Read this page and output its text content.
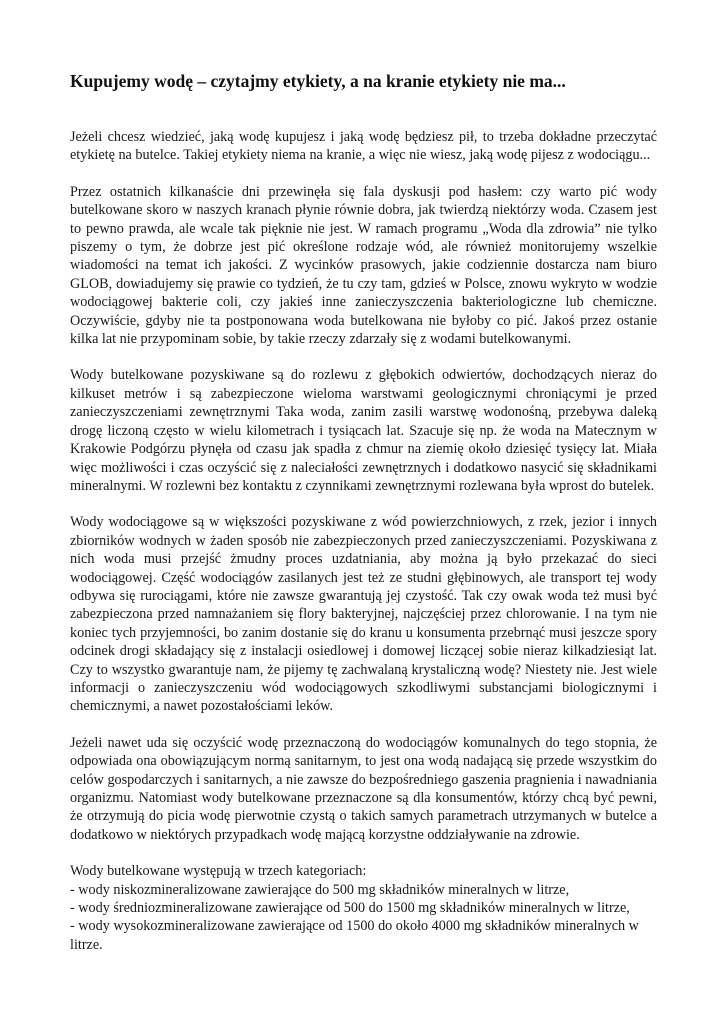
Kupujemy wodę – czytajmy etykiety, a na kranie etykiety nie ma...

Jeżeli chcesz wiedzieć, jaką wodę kupujesz i jaką wodę będziesz pił, to trzeba dokładne przeczytać etykietę na butelce. Takiej etykiety niema na kranie, a więc nie wiesz, jaką wodę pijesz z wodociągu...

Przez ostatnich kilkanaście dni przewinęła się fala dyskusji pod hasłem: czy warto pić wody butelkowane skoro w naszych kranach płynie równie dobra, jak twierdzą niektórzy woda. Czasem jest to pewno prawda, ale wcale tak pięknie nie jest. W ramach programu „Woda dla zdrowia” nie tylko piszemy o tym, że dobrze jest pić określone rodzaje wód, ale również monitorujemy wszelkie wiadomości na temat ich jakości. Z wycinków prasowych, jakie codziennie dostarcza nam biuro GLOB, dowiadujemy się prawie co tydzień, że tu czy tam, gdzieś w Polsce, znowu wykryto w wodzie wodociągowej bakterie coli, czy jakieś inne zanieczyszczenia bakteriologiczne lub chemiczne. Oczywiście, gdyby nie ta postponowana woda butelkowana nie byłoby co pić. Jakoś przez ostanie kilka lat nie przypominam sobie, by takie rzeczy zdarzały się z wodami butelkowanymi.

Wody butelkowane pozyskiwane są do rozlewu z głębokich odwiertów, dochodzących nieraz do kilkuset metrów i są zabezpieczone wieloma warstwami geologicznymi chroniącymi je przed zanieczyszczeniami zewnętrznymi Taka woda, zanim zasili warstwę wodonośną, przebywa daleką drogę liczoną często w wielu kilometrach i tysiącach lat. Szacuje się np. że woda na Matecznym w Krakowie Podgórzu płynęła od czasu jak spadła z chmur na ziemię około dziesięć tysięcy lat. Miała więc możliwości i czas oczyścić się z naleciałości zewnętrznych i dodatkowo nasycić się składnikami mineralnymi. W rozlewni bez kontaktu z czynnikami zewnętrznymi rozlewana była wprost do butelek.

Wody wodociągowe są w większości pozyskiwane z wód powierzchniowych, z rzek, jezior i innych zbiorników wodnych w żaden sposób nie zabezpieczonych przed zanieczyszczeniami. Pozyskiwana z nich woda musi przejść żmudny proces uzdatniania, aby można ją było przekazać do sieci wodociągowej. Część wodociągów zasilanych jest też ze studni głębinowych, ale transport tej wody odbywa się rurociągami, które nie zawsze gwarantują jej czystość. Tak czy owak woda też musi być zabezpieczona przed namnażaniem się flory bakteryjnej, najczęściej przez chlorowanie. I na tym nie koniec tych przyjemności, bo zanim dostanie się do kranu u konsumenta przebrnąć musi jeszcze spory odcinek drogi składający się z instalacji osiedlowej i domowej liczącej sobie nieraz kilkadziesiąt lat. Czy to wszystko gwarantuje nam, że pijemy tę zachwalaną krystaliczną wodę? Niestety nie. Jest wiele informacji o zanieczyszczeniu wód wodociągowych szkodliwymi substancjami biologicznymi i chemicznymi, a nawet pozostałościami leków.

Jeżeli nawet uda się oczyścić wodę przeznaczoną do wodociągów komunalnych do tego stopnia, że odpowiada ona obowiązującym normą sanitarnym, to jest ona wodą nadającą się przede wszystkim do celów gospodarczych i sanitarnych, a nie zawsze do bezpośredniego gaszenia pragnienia i nawadniania organizmu. Natomiast wody butelkowane przeznaczone są dla konsumentów, którzy chcą być pewni, że otrzymują do picia wodę pierwotnie czystą o takich samych parametrach utrzymanych w butelce a dodatkowo w niektórych przypadkach wodę mającą korzystne oddziaływanie na zdrowie.

Wody butelkowane występują w trzech kategoriach:

- wody niskozmineralizowane zawierające do 500 mg składników mineralnych w litrze,
- wody średniozmineralizowane zawierające od 500 do 1500 mg składników mineralnych w litrze,
- wody wysokozmineralizowane zawierające od 1500 do około 4000 mg składników mineralnych w litrze.
